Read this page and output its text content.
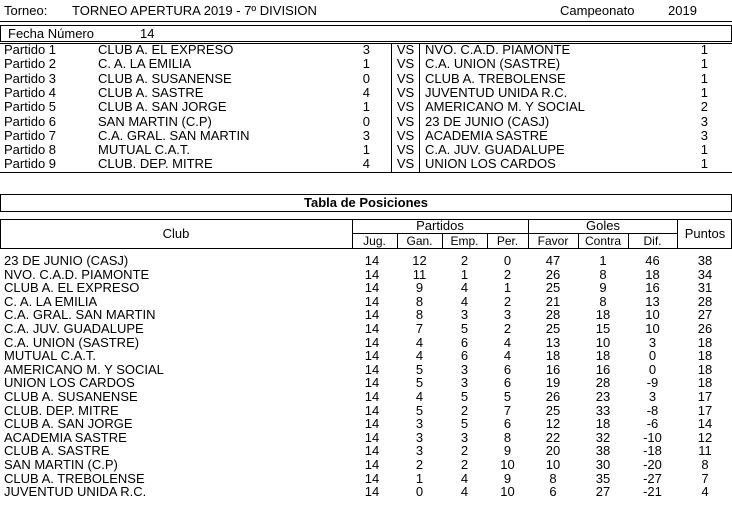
Torneo: TORNEO APERTURA 2019 - 7º DIVISION	Campeonato	2019
Fecha Número	14
Partido 1	CLUB A. EL EXPRESO	3	VS NVO. C.A.D. PIAMONTE	1
Partido 2	C. A. LA EMILIA	1	VS C.A. UNION (SASTRE)	1
Partido 3	CLUB A. SUSANENSE	0	VS CLUB A. TREBOLENSE	1
Partido 4	CLUB A. SASTRE	4	VS JUVENTUD UNIDA R.C.	1
Partido 5	CLUB A. SAN JORGE	1	VS AMERICANO M. Y SOCIAL	2
Partido 6	SAN MARTIN (C.P)	0	VS 23 DE JUNIO (CASJ)	3
Partido 7	C.A. GRAL. SAN MARTIN	3	VS ACADEMIA SASTRE	3
Partido 8	MUTUAL C.A.T.	1	VS C.A. JUV. GUADALUPE	1
Partido 9	CLUB. DEP. MITRE	4	VS UNION LOS CARDOS	1
Tabla de Posiciones
Club
Partidos	Goles
Puntos
Jug.	Gan.	Emp.	Per.	Favor	Contra	Dif.
23 DE JUNIO (CASJ)	14	12	2	0	47	1	46	38
NVO. C.A.D. PIAMONTE	14	11	1	2	26	8	18	34
CLUB A. EL EXPRESO	14	9	4	1	25	9	16	31
C. A. LA EMILIA	14	8	4	2	21	8	13	28
C.A. GRAL. SAN MARTIN	14	8	3	3	28	18	10	27
C.A. JUV. GUADALUPE	14	7	5	2	25	15	10	26
C.A. UNION (SASTRE)	14	4	6	4	13	10	3	18
MUTUAL C.A.T.	14	4	6	4	18	18	0	18
AMERICANO M. Y SOCIAL	14	5	3	6	16	16	0	18
UNION LOS CARDOS	14	5	3	6	19	28	-9	18
CLUB A. SUSANENSE	14	4	5	5	26	23	3	17
CLUB. DEP. MITRE	14	5	2	7	25	33	-8	17
CLUB A. SAN JORGE	14	3	5	6	12	18	-6	14
ACADEMIA SASTRE	14	3	3	8	22	32	-10	12
CLUB A. SASTRE	14	3	2	9	20	38	-18	11
SAN MARTIN (C.P)	14	2	2	10	10	30	-20	8
CLUB A. TREBOLENSE	14	1	4	9	8	35	-27	7
JUVENTUD UNIDA R.C.	14	0	4	10	6	27	-21	4
